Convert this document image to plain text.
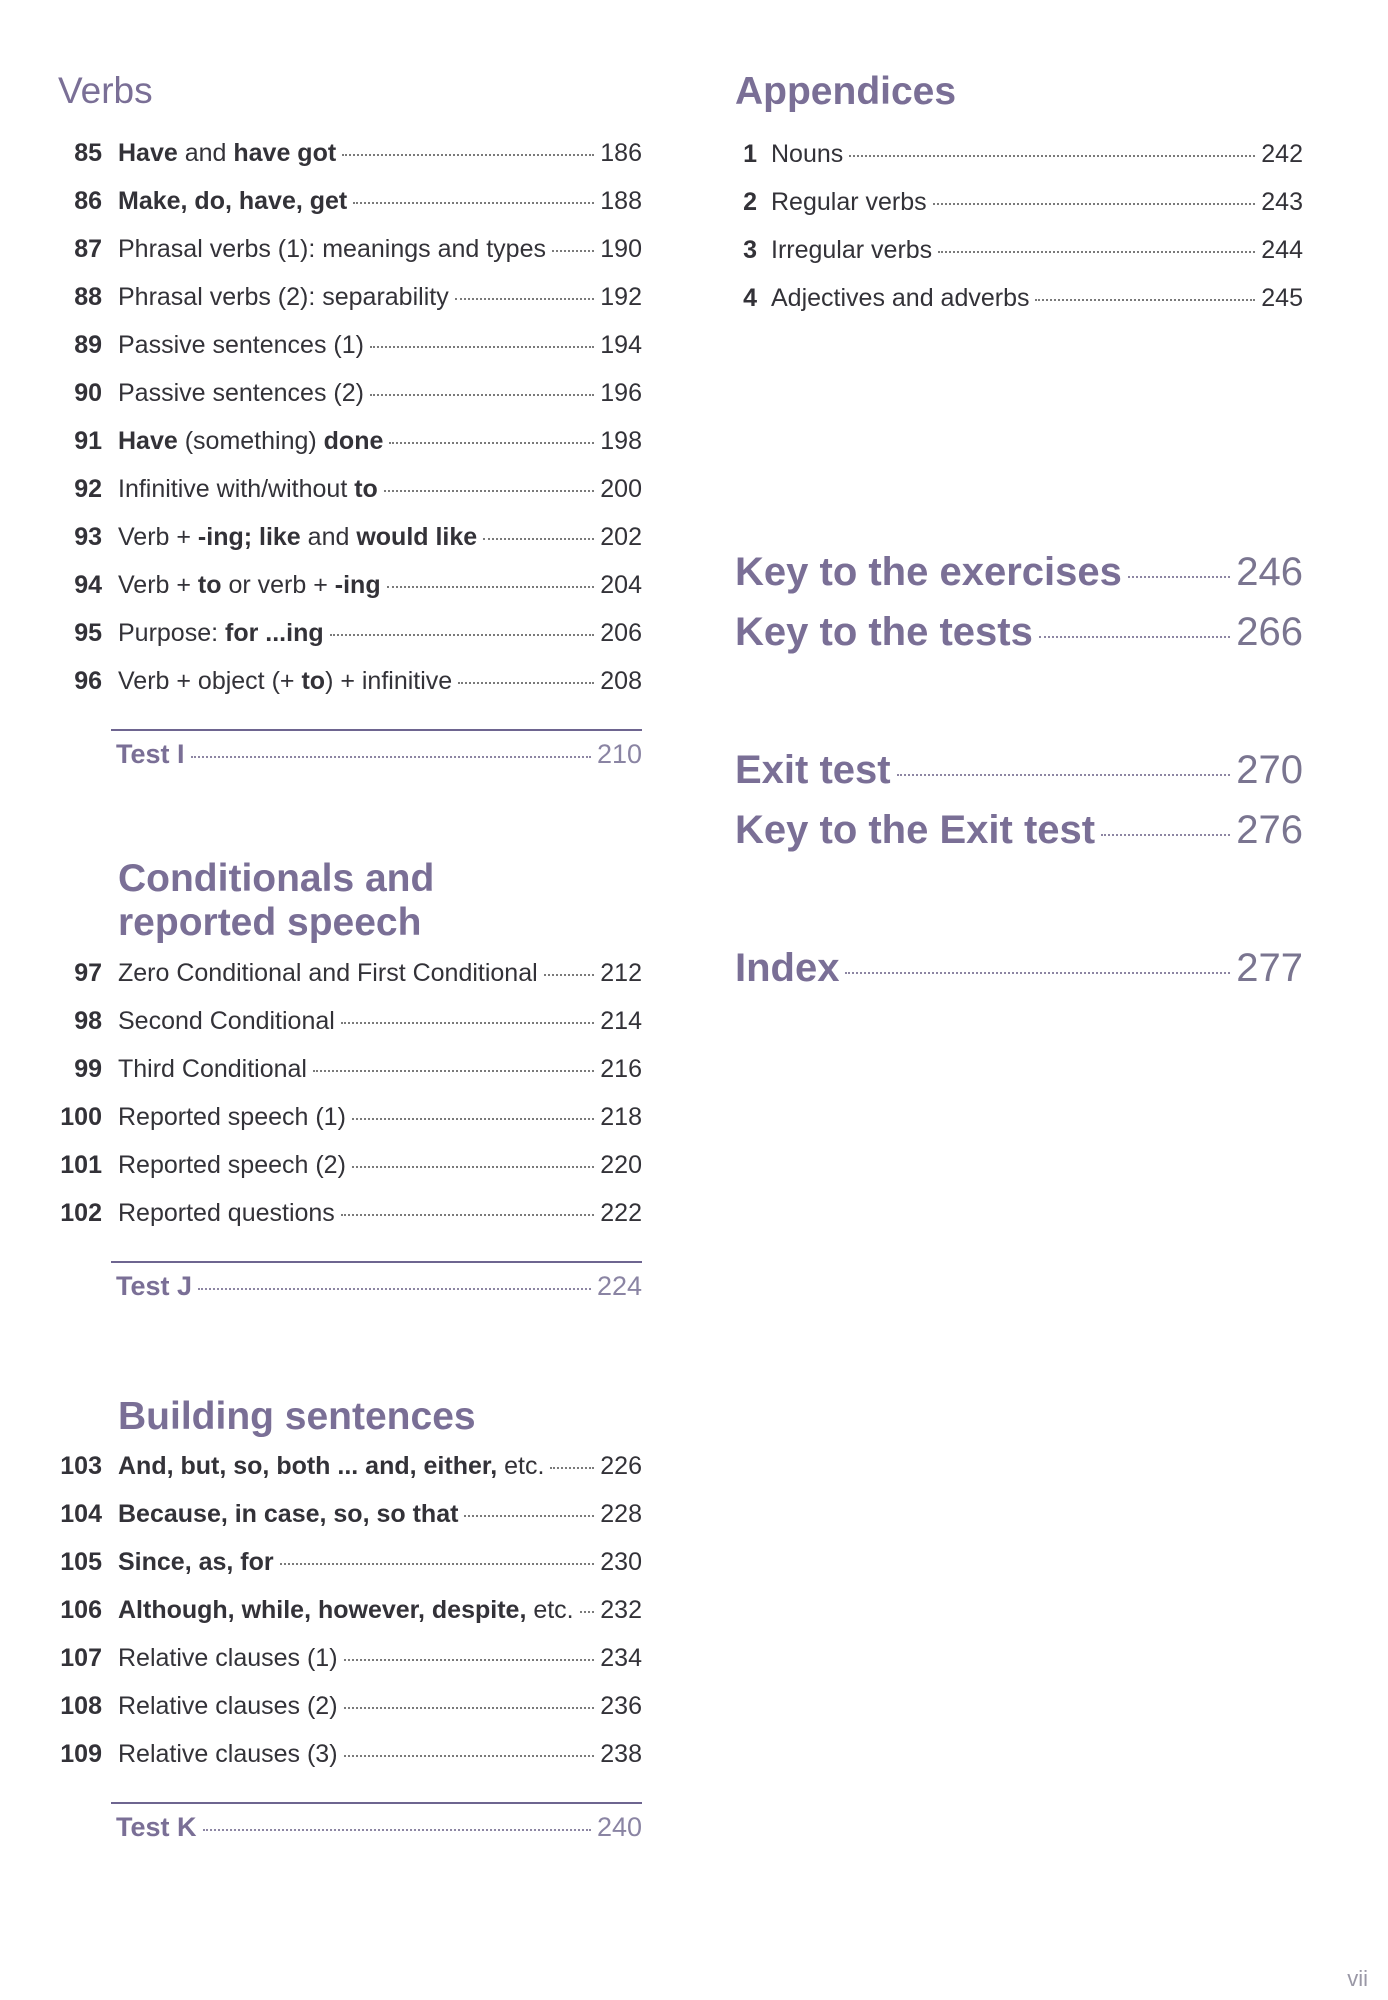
Verbs
85 Have and have got	186
86 Make, do, have, get	188
87 Phrasal verbs (1): meanings and types 190
88 Phrasal verbs (2): separability	192
89 Passive sentences (1)	194
90 Passive sentences (2)	196
91 Have (something) done	198
92 Infinitive with/without to	200
93 Verb + -ing; like and would like	202
94 Verb + to or verb + -ing	204
95 Purpose: for ...ing	206
96 Verb + object (+ to) + infinitive	208
Test I	210
Conditionals and
reported speech
97 Zero Conditional and First Conditional	212
98 Second Conditional	214
99 Third Conditional	216
100 Reported speech (1)	218
101 Reported speech (2)	220
102 Reported questions	222
Test J	224
Building sentences
103 And, but, so, both ... and, either, etc. 226
104 Because, in case, so, so that	228
105 Since, as, for	230
106 Although, while, however, despite, etc. 232
107 Relative clauses (1)	234
108 Relative clauses (2)	236
109 Relative clauses (3)	238
Test K	240
Appendices
1 Nouns	242
2 Regular verbs	243
3 Irregular verbs	244
4 Adjectives and adverbs	245
Key to the exercises	246
Key to the tests	266
Exit test	270
Key to the Exit test	276
Index	277
vii
